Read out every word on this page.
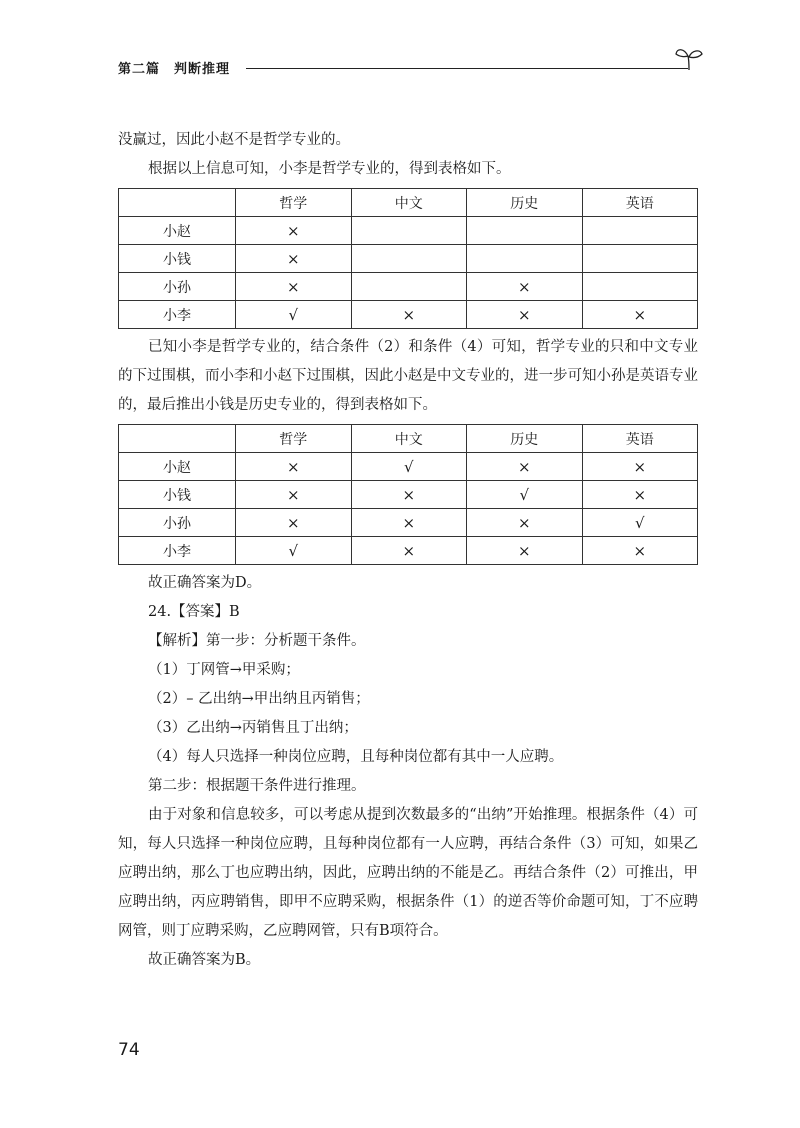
第二篇　判断推理

没赢过，因此小赵不是哲学专业的。

根据以上信息可知，小李是哲学专业的，得到表格如下。

	哲学	中文	历史	英语
小赵	×			
小钱	×			
小孙	×		×	
小李	√	×	×	×

已知小李是哲学专业的，结合条件（2）和条件（4）可知，哲学专业的只和中文专业的下过围棋，而小李和小赵下过围棋，因此小赵是中文专业的，进一步可知小孙是英语专业的，最后推出小钱是历史专业的，得到表格如下。

	哲学	中文	历史	英语
小赵	×	√	×	×
小钱	×	×	√	×
小孙	×	×	×	√
小李	√	×	×	×

故正确答案为D。

24.【答案】B

【解析】第一步：分析题干条件。

（1）丁网管→甲采购；

（2）– 乙出纳→甲出纳且丙销售；

（3）乙出纳→丙销售且丁出纳；

（4）每人只选择一种岗位应聘，且每种岗位都有其中一人应聘。

第二步：根据题干条件进行推理。

由于对象和信息较多，可以考虑从提到次数最多的“出纳”开始推理。根据条件（4）可知，每人只选择一种岗位应聘，且每种岗位都有一人应聘，再结合条件（3）可知，如果乙应聘出纳，那么丁也应聘出纳，因此，应聘出纳的不能是乙。再结合条件（2）可推出，甲应聘出纳，丙应聘销售，即甲不应聘采购，根据条件（1）的逆否等价命题可知，丁不应聘网管，则丁应聘采购，乙应聘网管，只有B项符合。

故正确答案为B。

74
